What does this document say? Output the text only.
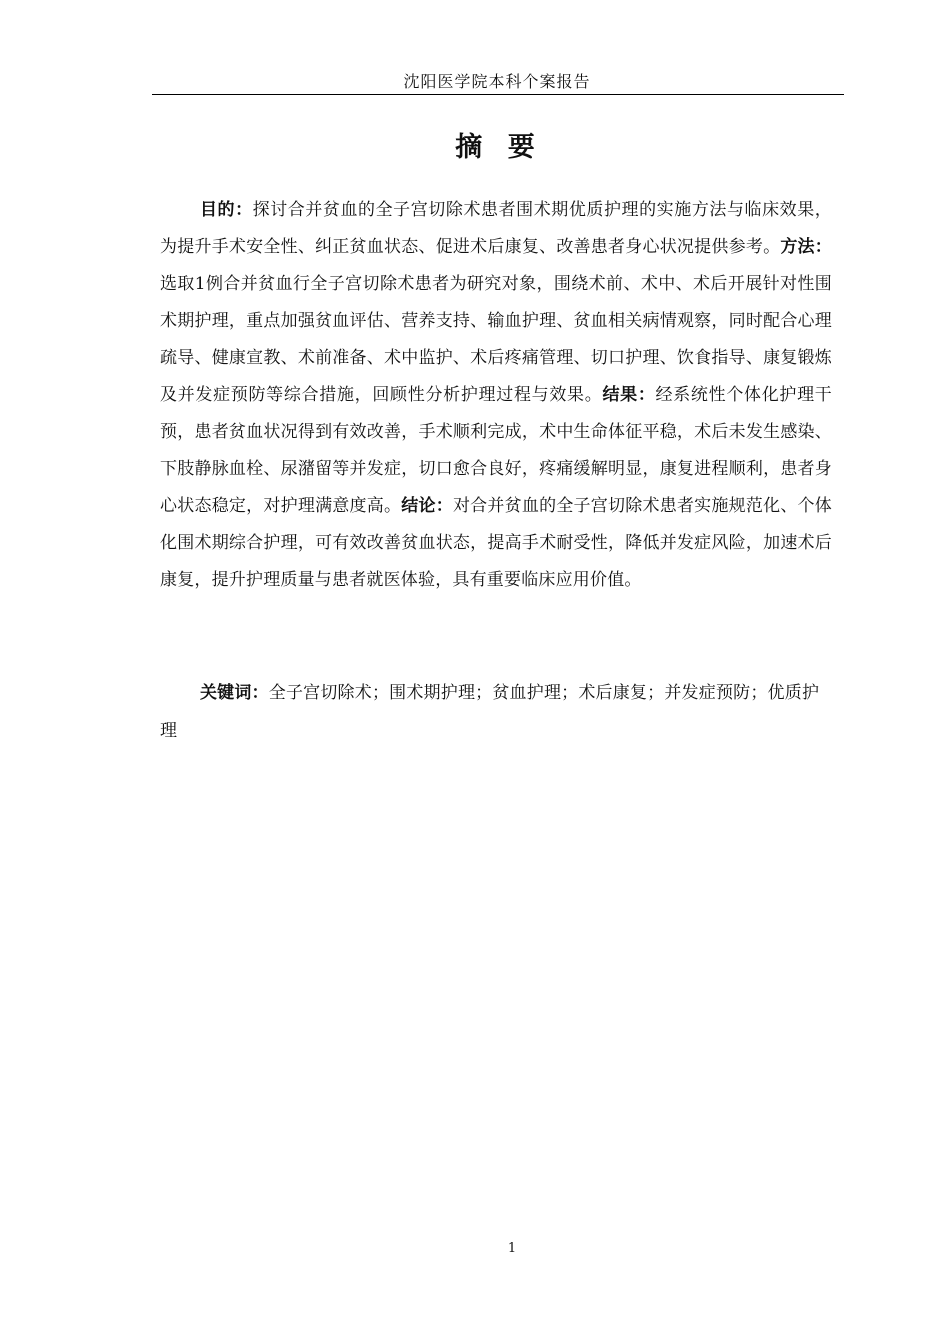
沈阳医学院本科个案报告
摘 要

目的：探讨合并贫血的全子宫切除术患者围术期优质护理的实施方法与临床效果，为提升手术安全性、纠正贫血状态、促进术后康复、改善患者身心状况提供参考。方法：选取1例合并贫血行全子宫切除术患者为研究对象，围绕术前、术中、术后开展针对性围术期护理，重点加强贫血评估、营养支持、输血护理、贫血相关病情观察，同时配合心理疏导、健康宣教、术前准备、术中监护、术后疼痛管理、切口护理、饮食指导、康复锻炼及并发症预防等综合措施，回顾性分析护理过程与效果。结果：经系统性个体化护理干预，患者贫血状况得到有效改善，手术顺利完成，术中生命体征平稳，术后未发生感染、下肢静脉血栓、尿潴留等并发症，切口愈合良好，疼痛缓解明显，康复进程顺利，患者身心状态稳定，对护理满意度高。结论：对合并贫血的全子宫切除术患者实施规范化、个体化围术期综合护理，可有效改善贫血状态，提高手术耐受性，降低并发症风险，加速术后康复，提升护理质量与患者就医体验，具有重要临床应用价值。

关键词：全子宫切除术；围术期护理；贫血护理；术后康复；并发症预防；优质护理

1
